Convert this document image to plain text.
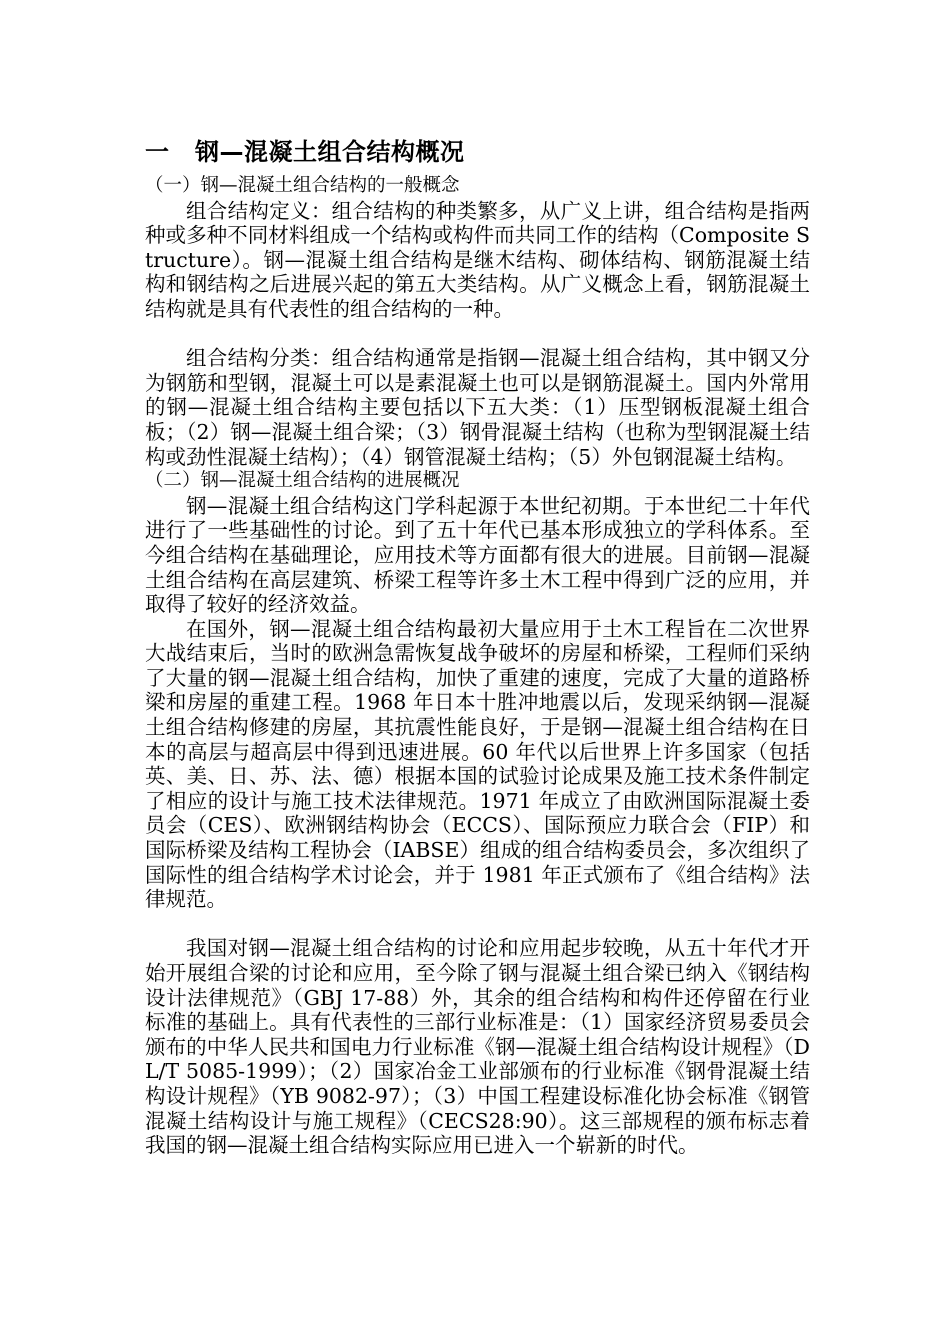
一 钢—混凝土组合结构概况
（一）钢—混凝土组合结构的一般概念

组合结构定义：组合结构的种类繁多，从广义上讲，组合结构是指两种或多种不同材料组成一个结构或构件而共同工作的结构（Composite Structure）。钢—混凝土组合结构是继木结构、砌体结构、钢筋混凝土结构和钢结构之后进展兴起的第五大类结构。从广义概念上看，钢筋混凝土结构就是具有代表性的组合结构的一种。

组合结构分类：组合结构通常是指钢—混凝土组合结构，其中钢又分为钢筋和型钢，混凝土可以是素混凝土也可以是钢筋混凝土。国内外常用的钢—混凝土组合结构主要包括以下五大类：（1）压型钢板混凝土组合板；（2）钢—混凝土组合梁；（3）钢骨混凝土结构（也称为型钢混凝土结构或劲性混凝土结构）；（4）钢管混凝土结构；（5）外包钢混凝土结构。

（二）钢—混凝土组合结构的进展概况

钢—混凝土组合结构这门学科起源于本世纪初期。于本世纪二十年代进行了一些基础性的讨论。到了五十年代已基本形成独立的学科体系。至今组合结构在基础理论，应用技术等方面都有很大的进展。目前钢—混凝土组合结构在高层建筑、桥梁工程等许多土木工程中得到广泛的应用，并取得了较好的经济效益。

在国外，钢—混凝土组合结构最初大量应用于土木工程旨在二次世界大战结束后，当时的欧洲急需恢复战争破坏的房屋和桥梁，工程师们采纳了大量的钢—混凝土组合结构，加快了重建的速度，完成了大量的道路桥梁和房屋的重建工程。1968 年日本十胜冲地震以后，发现采纳钢—混凝土组合结构修建的房屋，其抗震性能良好，于是钢—混凝土组合结构在日本的高层与超高层中得到迅速进展。60 年代以后世界上许多国家（包括英、美、日、苏、法、德）根据本国的试验讨论成果及施工技术条件制定了相应的设计与施工技术法律规范。1971 年成立了由欧洲国际混凝土委员会（CES）、欧洲钢结构协会（ECCS）、国际预应力联合会（FIP）和国际桥梁及结构工程协会（IABSE）组成的组合结构委员会，多次组织了国际性的组合结构学术讨论会，并于 1981 年正式颁布了《组合结构》法律规范。

我国对钢—混凝土组合结构的讨论和应用起步较晚，从五十年代才开始开展组合梁的讨论和应用，至今除了钢与混凝土组合梁已纳入《钢结构设计法律规范》（GBJ 17-88）外，其余的组合结构和构件还停留在行业标准的基础上。具有代表性的三部行业标准是：（1）国家经济贸易委员会颁布的中华人民共和国电力行业标准《钢—混凝土组合结构设计规程》（DL/T 5085-1999）；（2）国家冶金工业部颁布的行业标准《钢骨混凝土结构设计规程》（YB 9082-97）；（3）中国工程建设标准化协会标准《钢管混凝土结构设计与施工规程》（CECS28:90）。这三部规程的颁布标志着我国的钢—混凝土组合结构实际应用已进入一个崭新的时代。
